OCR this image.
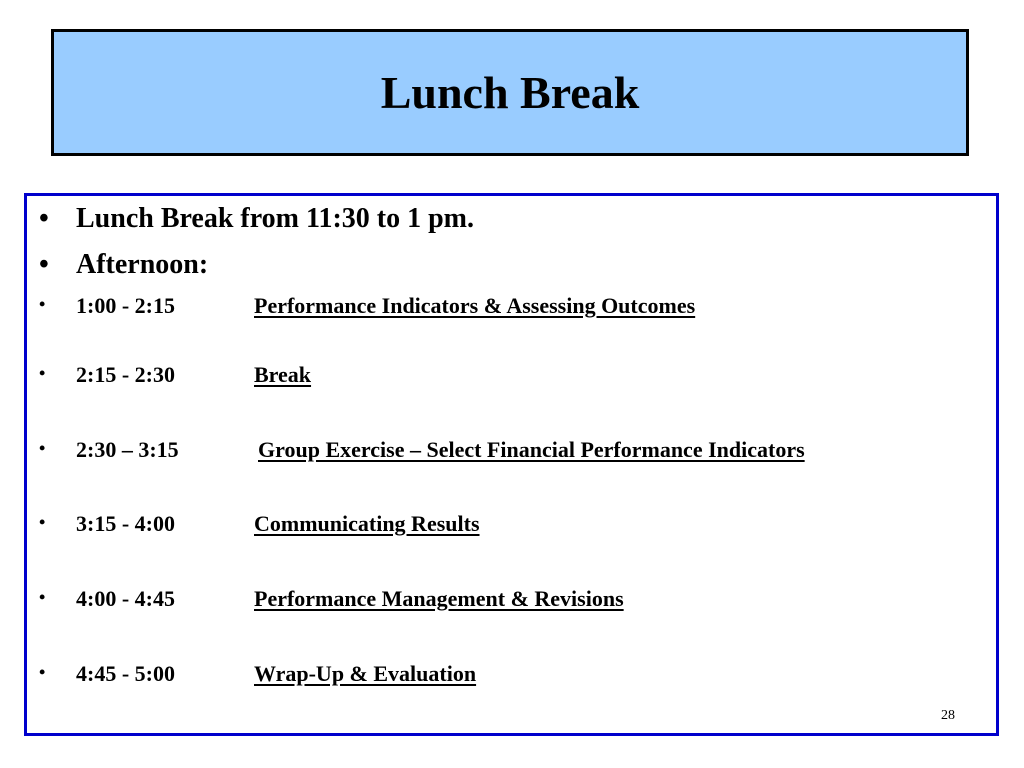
Lunch Break
• Lunch Break from 11:30 to 1 pm.
• Afternoon:
• 1:00 - 2:15	Performance Indicators & Assessing Outcomes
• 2:15 - 2:30	Break
• 2:30 – 3:15	Group Exercise – Select Financial Performance Indicators
• 3:15 - 4:00	Communicating Results
• 4:00 - 4:45	Performance Management & Revisions
• 4:45 - 5:00	Wrap-Up & Evaluation
28
